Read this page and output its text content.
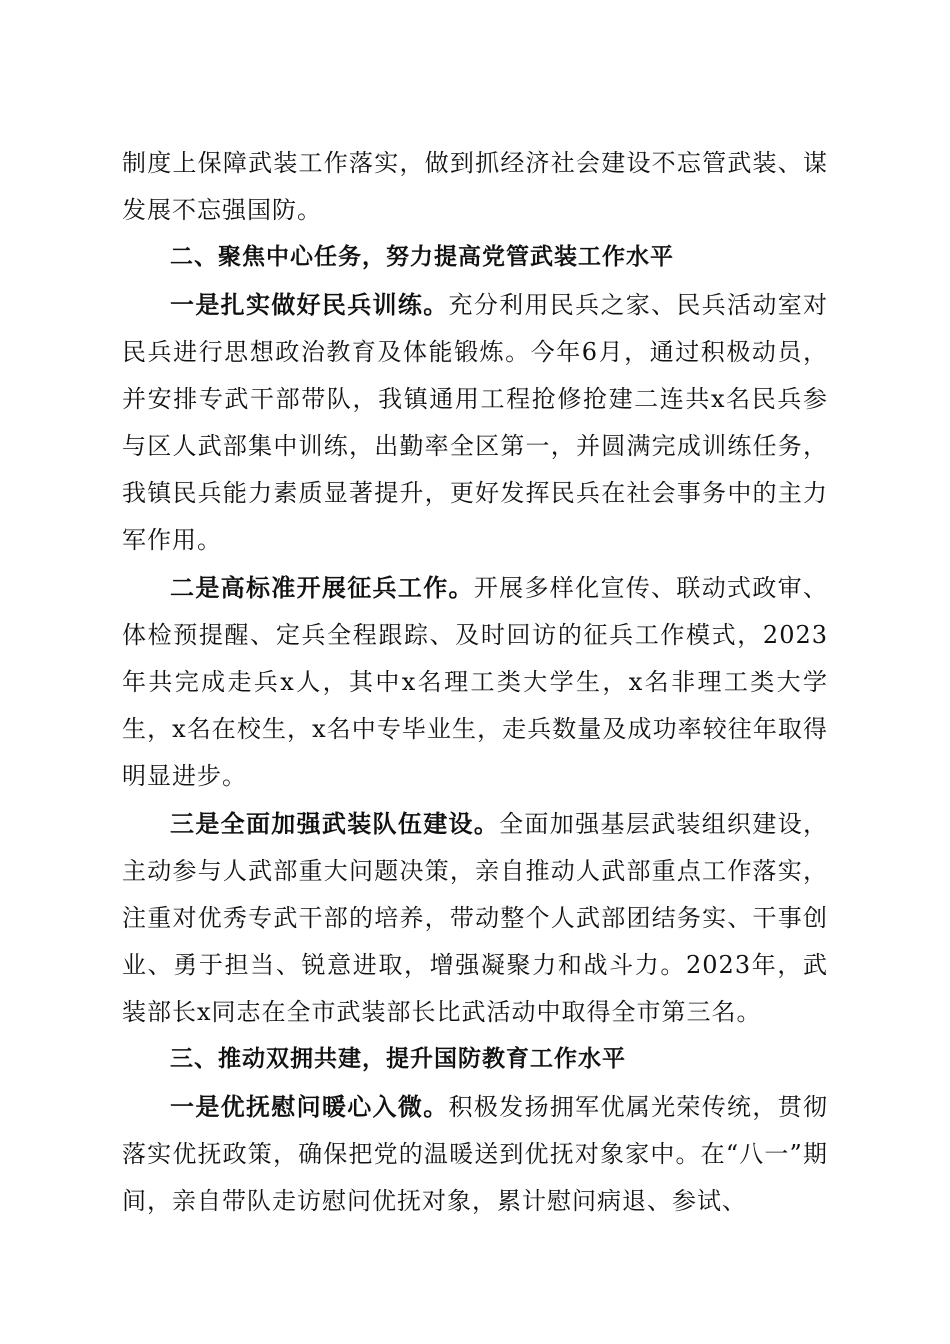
制度上保障武装工作落实，做到抓经济社会建设不忘管武装、谋发展不忘强国防。

二、聚焦中心任务，努力提高党管武装工作水平

一是扎实做好民兵训练。充分利用民兵之家、民兵活动室对民兵进行思想政治教育及体能锻炼。今年6月，通过积极动员，并安排专武干部带队，我镇通用工程抢修抢建二连共x名民兵参与区人武部集中训练，出勤率全区第一，并圆满完成训练任务，我镇民兵能力素质显著提升，更好发挥民兵在社会事务中的主力军作用。

二是高标准开展征兵工作。开展多样化宣传、联动式政审、体检预提醒、定兵全程跟踪、及时回访的征兵工作模式，2023年共完成走兵x人，其中x名理工类大学生，x名非理工类大学生，x名在校生，x名中专毕业生，走兵数量及成功率较往年取得明显进步。

三是全面加强武装队伍建设。全面加强基层武装组织建设，主动参与人武部重大问题决策，亲自推动人武部重点工作落实，注重对优秀专武干部的培养，带动整个人武部团结务实、干事创业、勇于担当、锐意进取，增强凝聚力和战斗力。2023年，武装部长x同志在全市武装部长比武活动中取得全市第三名。

三、推动双拥共建，提升国防教育工作水平

一是优抚慰问暖心入微。积极发扬拥军优属光荣传统，贯彻落实优抚政策，确保把党的温暖送到优抚对象家中。在“八一”期间，亲自带队走访慰问优抚对象，累计慰问病退、参试、
